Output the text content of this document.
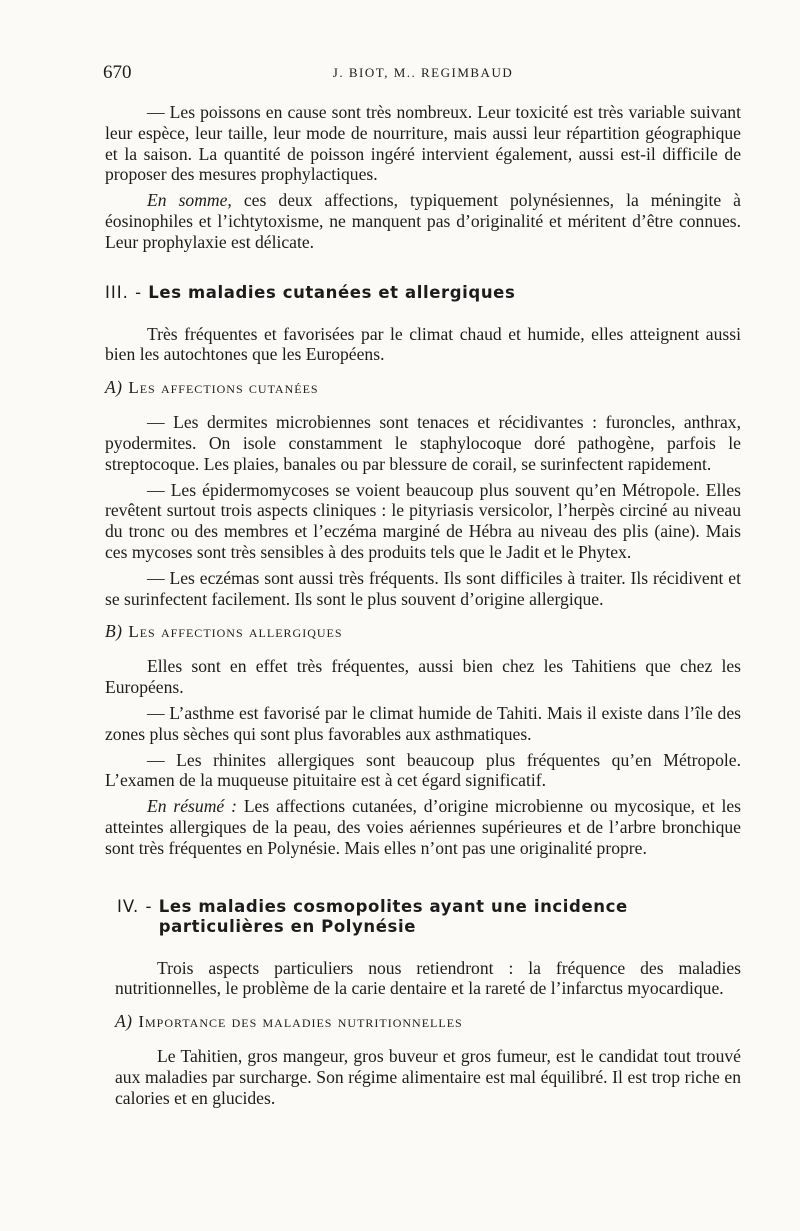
670	J. BIOT, M.. REGIMBAUD

— Les poissons en cause sont très nombreux. Leur toxicité est très variable suivant leur espèce, leur taille, leur mode de nourriture, mais aussi leur répartition géographique et la saison. La quantité de poisson ingéré intervient également, aussi est-il difficile de proposer des mesures prophylactiques.

En somme, ces deux affections, typiquement polynésiennes, la méningite à éosinophiles et l’ichtytoxisme, ne manquent pas d’originalité et méritent d’être connues. Leur prophylaxie est délicate.

III. - Les maladies cutanées et allergiques

Très fréquentes et favorisées par le climat chaud et humide, elles atteignent aussi bien les autochtones que les Européens.

A) Les affections cutanées

— Les dermites microbiennes sont tenaces et récidivantes : furoncles, anthrax, pyodermites. On isole constamment le staphylocoque doré pathogène, parfois le streptocoque. Les plaies, banales ou par blessure de corail, se surinfectent rapidement.

— Les épidermomycoses se voient beaucoup plus souvent qu’en Métropole. Elles revêtent surtout trois aspects cliniques : le pityriasis versicolor, l’herpès circiné au niveau du tronc ou des membres et l’eczéma marginé de Hébra au niveau des plis (aine). Mais ces mycoses sont très sensibles à des produits tels que le Jadit et le Phytex.

— Les eczémas sont aussi très fréquents. Ils sont difficiles à traiter. Ils récidivent et se surinfectent facilement. Ils sont le plus souvent d’origine allergique.

B) Les affections allergiques

Elles sont en effet très fréquentes, aussi bien chez les Tahitiens que chez les Européens.

— L’asthme est favorisé par le climat humide de Tahiti. Mais il existe dans l’île des zones plus sèches qui sont plus favorables aux asthmatiques.

— Les rhinites allergiques sont beaucoup plus fréquentes qu’en Métropole. L’examen de la muqueuse pituitaire est à cet égard significatif.

En résumé : Les affections cutanées, d’origine microbienne ou mycosique, et les atteintes allergiques de la peau, des voies aériennes supérieures et de l’arbre bronchique sont très fréquentes en Polynésie. Mais elles n’ont pas une originalité propre.

IV. - Les maladies cosmopolites ayant une incidence particulières en Polynésie

Trois aspects particuliers nous retiendront : la fréquence des maladies nutritionnelles, le problème de la carie dentaire et la rareté de l’infarctus myocardique.

A) Importance des maladies nutritionnelles

Le Tahitien, gros mangeur, gros buveur et gros fumeur, est le candidat tout trouvé aux maladies par surcharge. Son régime alimentaire est mal équilibré. Il est trop riche en calories et en glucides.
